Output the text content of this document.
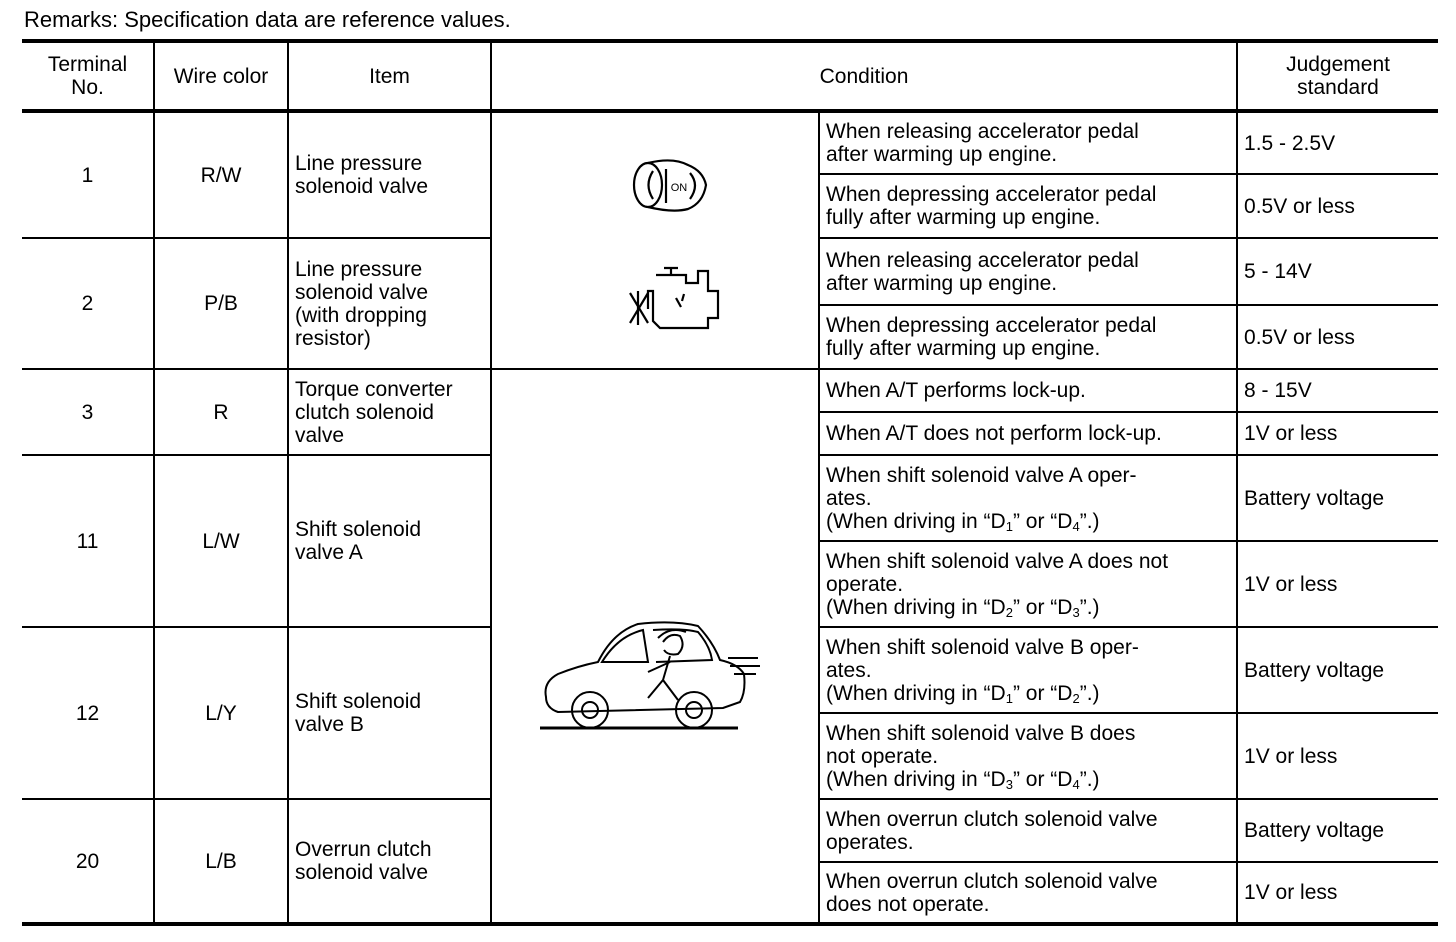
Remarks: Specification data are reference values.
Terminal
No.	Wire color	Item	Condition		Judgement
standard

1	R/W	Line pressure
solenoid valve	ON	When releasing accelerator pedal
after warming up engine.	1.5 - 2.5V

				When depressing accelerator pedal
fully after warming up engine.	0.5V or less
2	P/B	Line pressure
solenoid valve
(with dropping
resistor)		When releasing accelerator pedal
after warming up engine.	5 - 14V

				When depressing accelerator pedal
fully after warming up engine.	0.5V or less
3	R	Torque converter
clutch solenoid
valve		When A/T performs lock-up.	8 - 15V

				When A/T does not perform lock-up.	1V or less
11	L/W	Shift solenoid
valve A		When shift solenoid valve A oper-
ates.
(When driving in “$D_1$” or “$D_4$”.)	Battery voltage

				When shift solenoid valve A does not
operate.
(When driving in “$D_2$” or “$D_3$”.)	1V or less
12	L/Y	Shift solenoid
valve B		When shift solenoid valve B oper-
ates.
(When driving in “$D_1$” or “$D_2$”.)	Battery voltage

				When shift solenoid valve B does
not operate.
(When driving in “$D_3$” or “$D_4$”.)	1V or less
20	L/B	Overrun clutch
solenoid valve		When overrun clutch solenoid valve
operates.	Battery voltage

				When overrun clutch solenoid valve
does not operate.	1V or less
